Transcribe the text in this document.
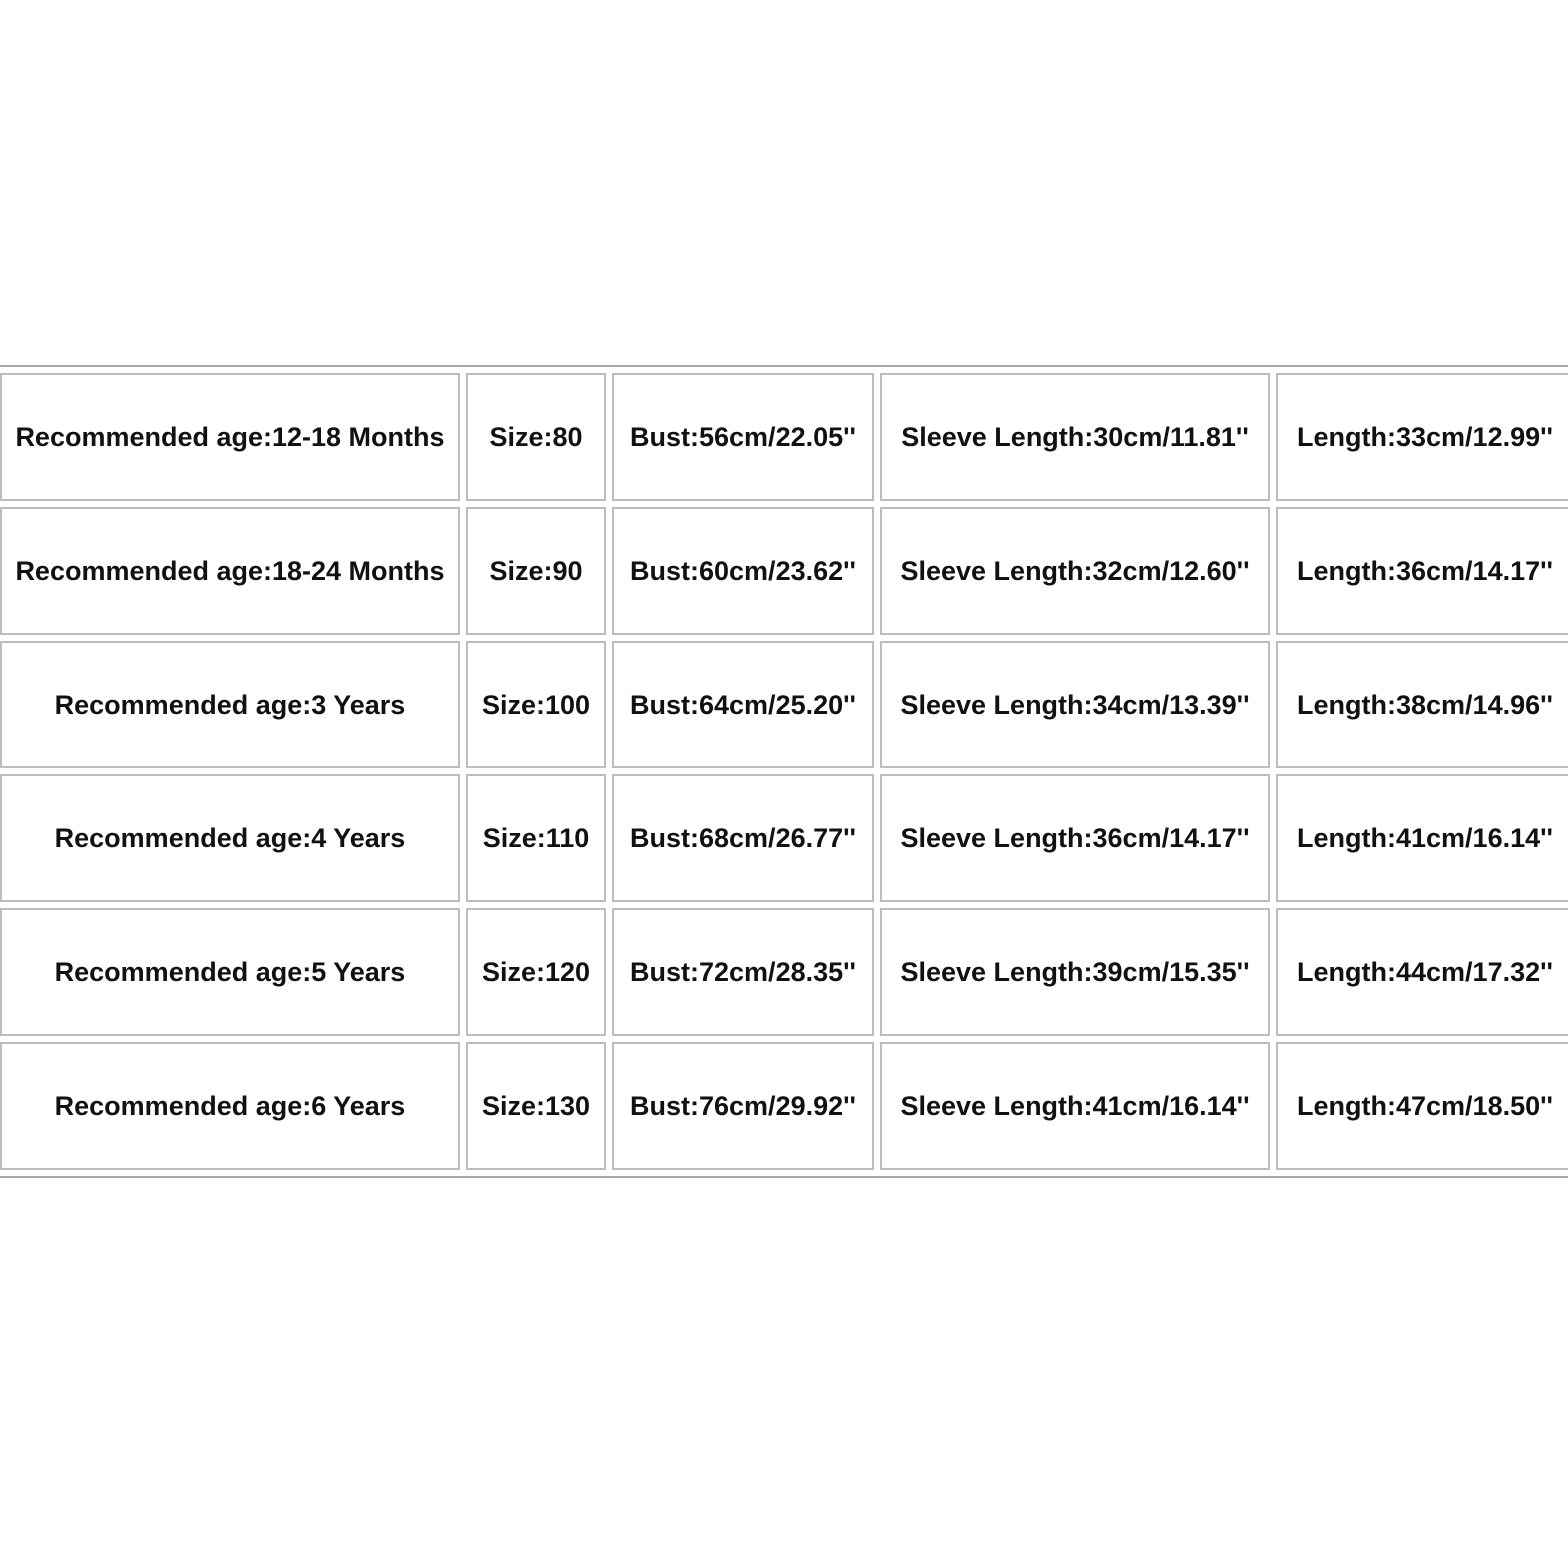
Recommended age:12-18 Months	Size:80	Bust:56cm/22.05''	Sleeve Length:30cm/11.81''	Length:33cm/12.99''
Recommended age:18-24 Months	Size:90	Bust:60cm/23.62''	Sleeve Length:32cm/12.60''	Length:36cm/14.17''
Recommended age:3 Years	Size:100	Bust:64cm/25.20''	Sleeve Length:34cm/13.39''	Length:38cm/14.96''
Recommended age:4 Years	Size:110	Bust:68cm/26.77''	Sleeve Length:36cm/14.17''	Length:41cm/16.14''
Recommended age:5 Years	Size:120	Bust:72cm/28.35''	Sleeve Length:39cm/15.35''	Length:44cm/17.32''
Recommended age:6 Years	Size:130	Bust:76cm/29.92''	Sleeve Length:41cm/16.14''	Length:47cm/18.50''
